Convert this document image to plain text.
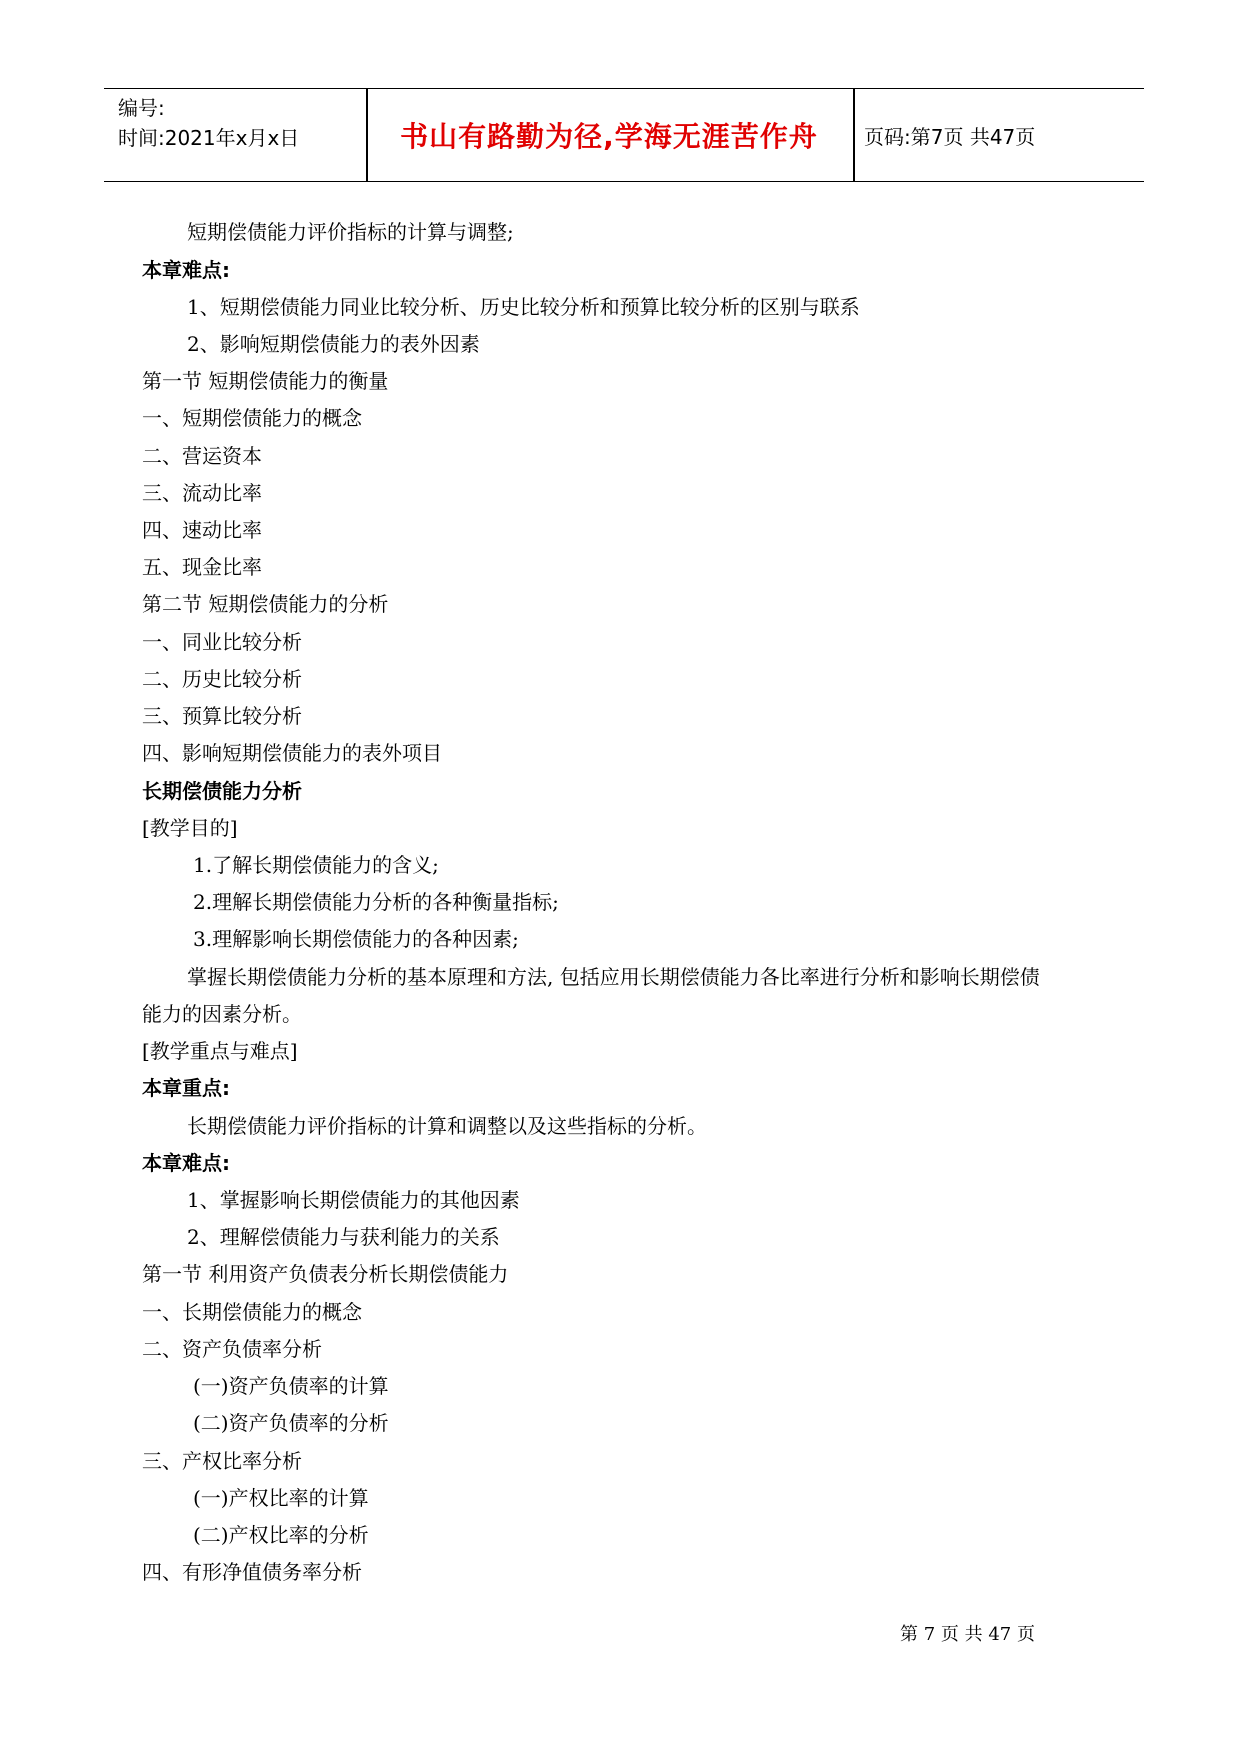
编号:
时间:2021年x月x日	书山有路勤为径,学海无涯苦作舟	页码:第7页 共47页
短期偿债能力评价指标的计算与调整;
本章难点:
1、短期偿债能力同业比较分析、历史比较分析和预算比较分析的区别与联系
2、影响短期偿债能力的表外因素
第一节 短期偿债能力的衡量
一、短期偿债能力的概念
二、营运资本
三、流动比率
四、速动比率
五、现金比率
第二节 短期偿债能力的分析
一、同业比较分析
二、历史比较分析
三、预算比较分析
四、影响短期偿债能力的表外项目
长期偿债能力分析
[教学目的]
1.了解长期偿债能力的含义;
2.理解长期偿债能力分析的各种衡量指标;
3.理解影响长期偿债能力的各种因素;
掌握长期偿债能力分析的基本原理和方法, 包括应用长期偿债能力各比率进行分析和影响长期偿债
能力的因素分析。
[教学重点与难点]
本章重点:
长期偿债能力评价指标的计算和调整以及这些指标的分析。
本章难点:
1、掌握影响长期偿债能力的其他因素
2、理解偿债能力与获利能力的关系
第一节 利用资产负债表分析长期偿债能力
一、长期偿债能力的概念
二、资产负债率分析
(一)资产负债率的计算
(二)资产负债率的分析
三、产权比率分析
(一)产权比率的计算
(二)产权比率的分析
四、有形净值债务率分析
第 7 页 共 47 页
